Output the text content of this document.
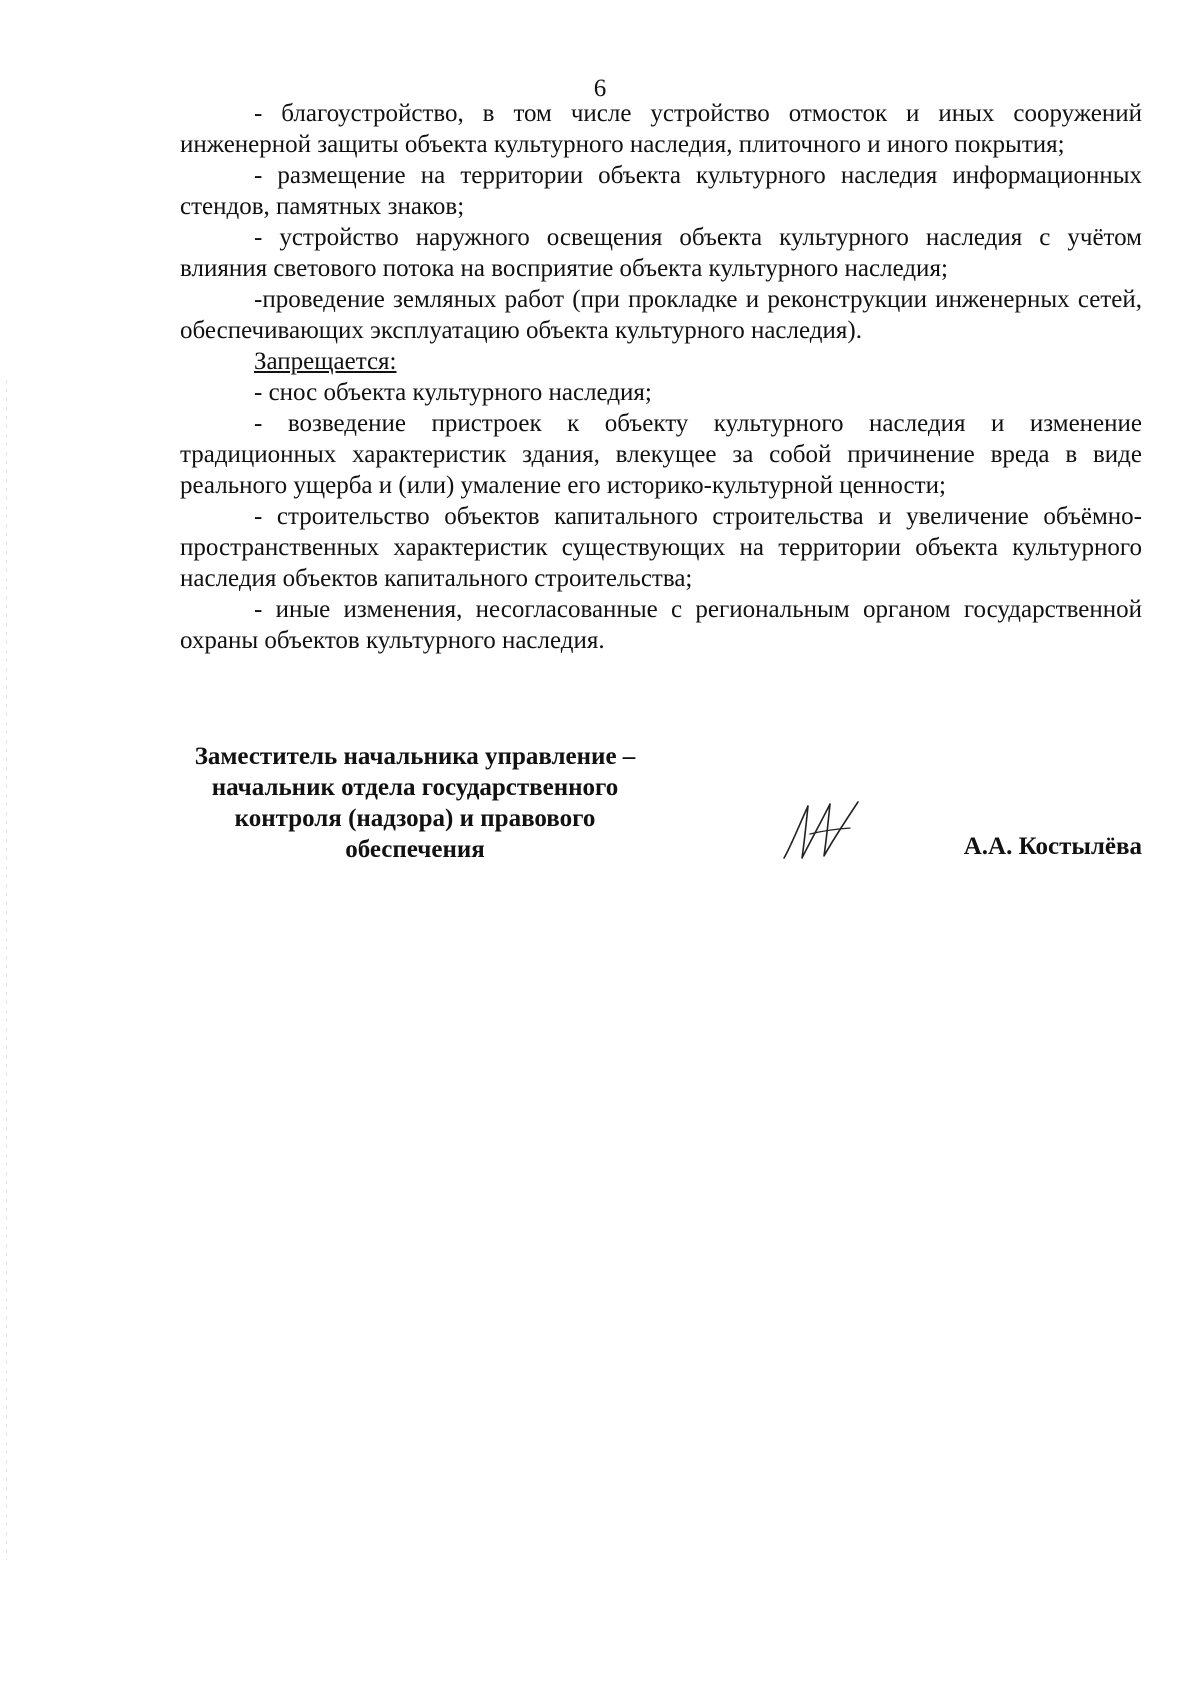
6

- благоустройство, в том числе устройство отмосток и иных сооружений инженерной защиты объекта культурного наследия, плиточного и иного покрытия;

- размещение на территории объекта культурного наследия информационных стендов, памятных знаков;

- устройство наружного освещения объекта культурного наследия с учётом влияния светового потока на восприятие объекта культурного наследия;

-проведение земляных работ (при прокладке и реконструкции инженерных сетей, обеспечивающих эксплуатацию объекта культурного наследия).

Запрещается:

- снос объекта культурного наследия;

- возведение пристроек к объекту культурного наследия и изменение традиционных характеристик здания, влекущее за собой причинение вреда в виде реального ущерба и (или) умаление его историко-культурной ценности;

- строительство объектов капитального строительства и увеличение объёмно-пространственных характеристик существующих на территории объекта культурного наследия объектов капитального строительства;

- иные изменения, несогласованные с региональным органом государственной охраны объектов культурного наследия.

Заместитель начальника управление –
начальник отдела государственного
контроля (надзора) и правового
обеспечения	А.А. Костылёва
